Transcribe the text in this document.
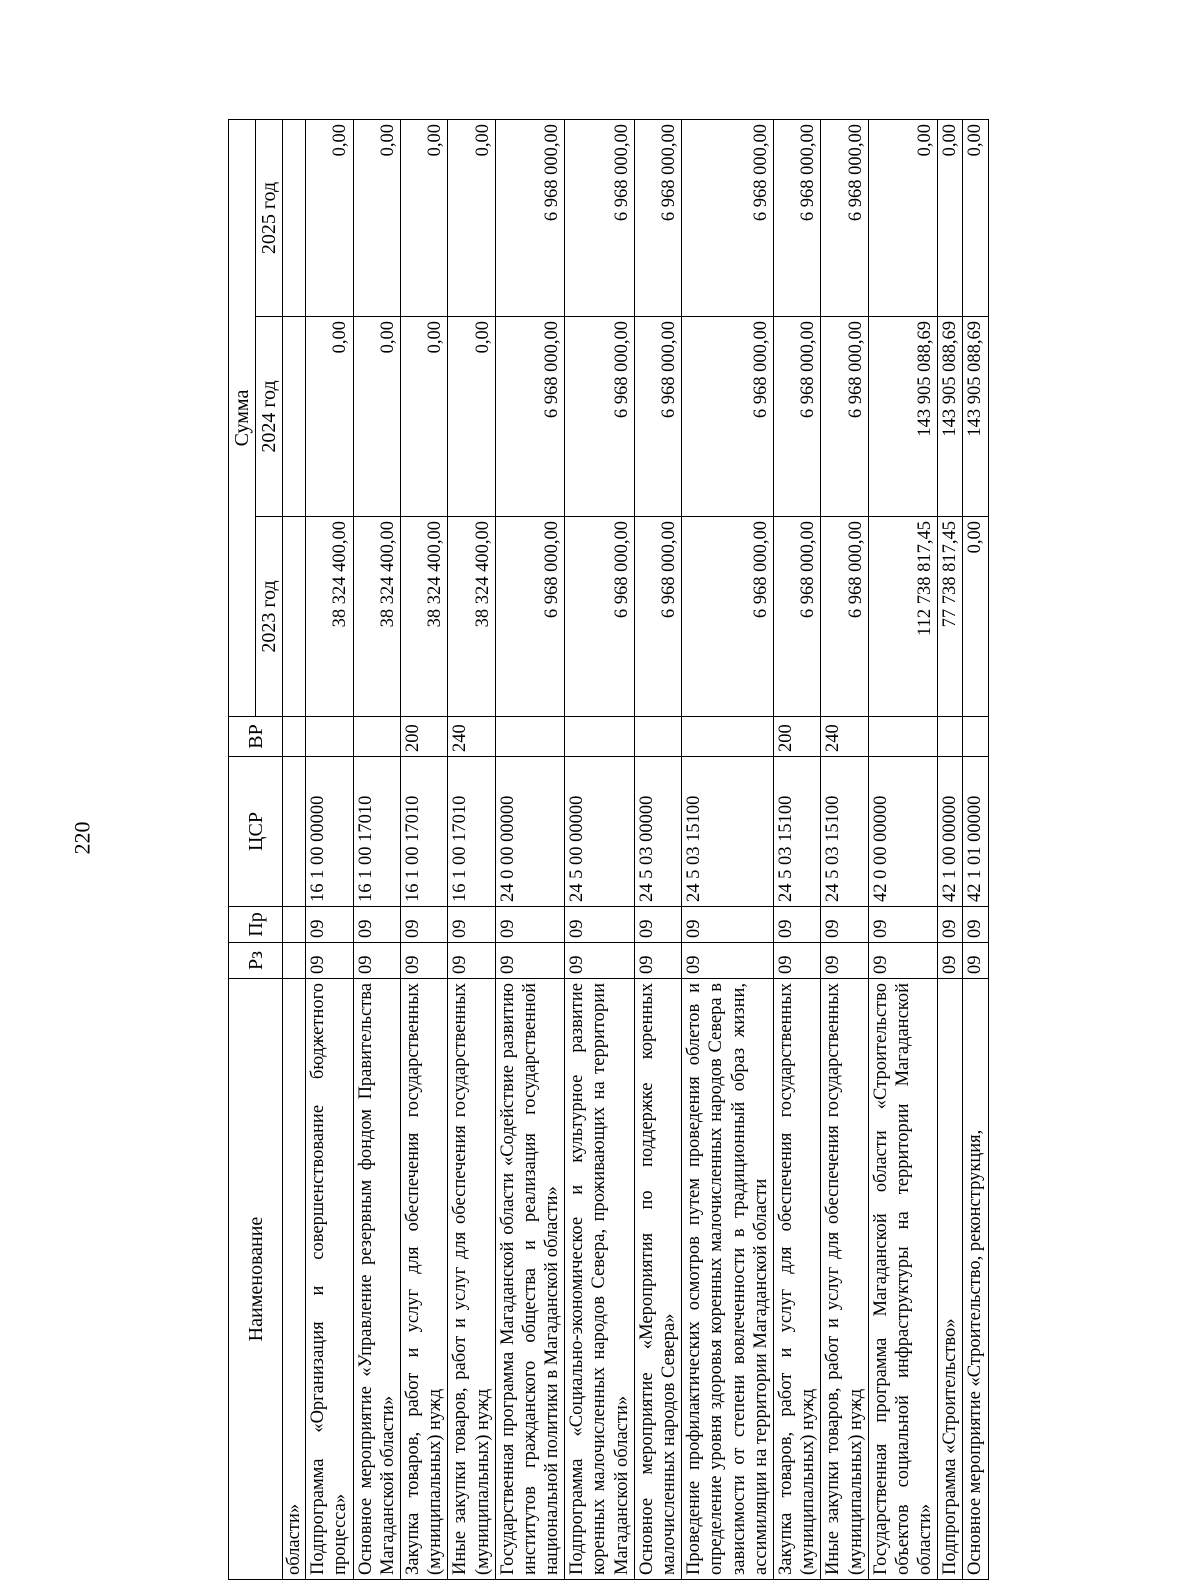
220
Наименование	Рз	Пр	ЦСР	ВР	Сумма		
					2023 год	2024 год	2025 год
области»							
Подпрограмма «Организация и совершенствование бюджетного процесса»	09	09	16 1 00 00000		38 324 400,00	0,00	0,00
Основное мероприятие «Управление резервным фондом Правительства Магаданской области»	09	09	16 1 00 17010		38 324 400,00	0,00	0,00
Закупка товаров, работ и услуг для обеспечения государственных (муниципальных) нужд	09	09	16 1 00 17010	200	38 324 400,00	0,00	0,00
Иные закупки товаров, работ и услуг для обеспечения государственных (муниципальных) нужд	09	09	16 1 00 17010	240	38 324 400,00	0,00	0,00
Государственная программа Магаданской области «Содействие развитию институтов гражданского общества и реализация государственной национальной политики в Магаданской области»	09	09	24 0 00 00000		6 968 000,00	6 968 000,00	6 968 000,00
Подпрограмма «Социально-экономическое и культурное развитие коренных малочисленных народов Севера, проживающих на территории Магаданской области»	09	09	24 5 00 00000		6 968 000,00	6 968 000,00	6 968 000,00
Основное мероприятие «Мероприятия по поддержке коренных малочисленных народов Севера»	09	09	24 5 03 00000		6 968 000,00	6 968 000,00	6 968 000,00
Проведение профилактических осмотров путем проведения облетов и определение уровня здоровья коренных малочисленных народов Севера в зависимости от степени вовлеченности в традиционный образ жизни, ассимиляции на территории Магаданской области	09	09	24 5 03 15100		6 968 000,00	6 968 000,00	6 968 000,00
Закупка товаров, работ и услуг для обеспечения государственных (муниципальных) нужд	09	09	24 5 03 15100	200	6 968 000,00	6 968 000,00	6 968 000,00
Иные закупки товаров, работ и услуг для обеспечения государственных (муниципальных) нужд	09	09	24 5 03 15100	240	6 968 000,00	6 968 000,00	6 968 000,00
Государственная программа Магаданской области «Строительство объектов социальной инфраструктуры на территории Магаданской области»	09	09	42 0 00 00000		112 738 817,45	143 905 088,69	0,00
Подпрограмма «Строительство»	09	09	42 1 00 00000		77 738 817,45	143 905 088,69	0,00
Основное мероприятие «Строительство, реконструкция,	09	09	42 1 01 00000		0,00	143 905 088,69	0,00
